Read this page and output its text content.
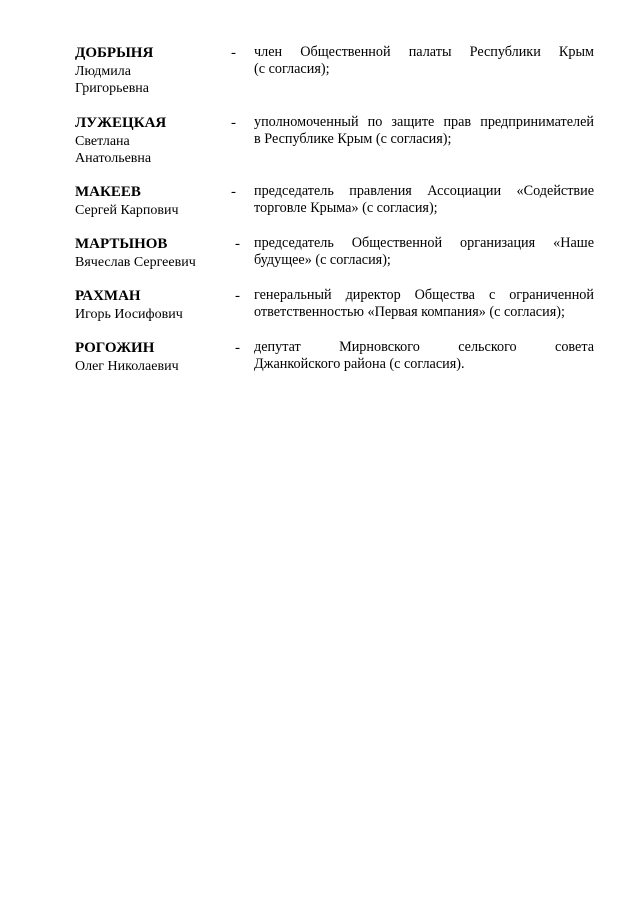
ДОБРЫНЯ
Людмила
Григорьевна
- член Общественной палаты Республики Крым
(с согласия);
ЛУЖЕЦКАЯ
Светлана
Анатольевна
- уполномоченный по защите прав предпринимателей
в Республике Крым (с согласия);
МАКЕЕВ
Сергей Карпович
- председатель правления Ассоциации «Содействие
торговле Крыма» (с согласия);
МАРТЫНОВ
Вячеслав Сергеевич
- председатель Общественной организация «Наше
будущее» (с согласия);
РАХМАН
Игорь Иосифович
- генеральный директор Общества с ограниченной
ответственностью «Первая компания» (с согласия);
РОГОЖИН
Олег Николаевич
- депутат Мирновского сельского совета
Джанкойского района (с согласия).
